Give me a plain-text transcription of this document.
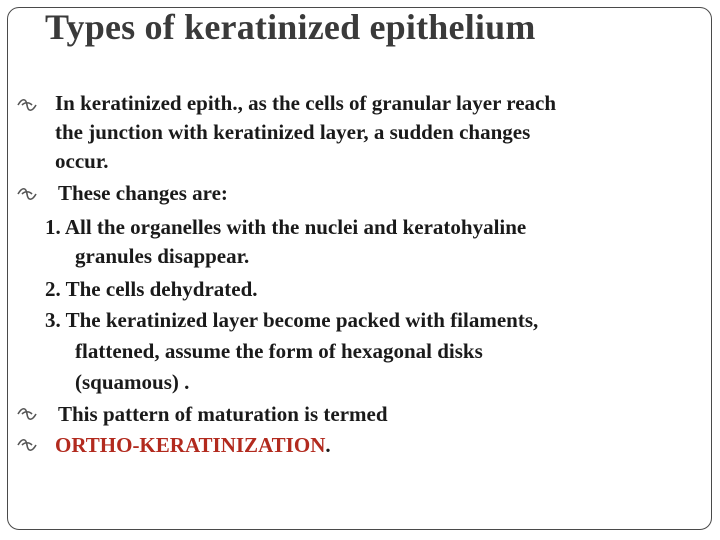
Types of keratinized epithelium

In keratinized epith., as the cells of granular layer reach

the junction with keratinized layer, a sudden changes

occur.

These changes are:

1. All the organelles with the nuclei and keratohyaline

granules disappear.

2. The cells dehydrated.

3. The keratinized layer become packed with filaments,

flattened, assume the form of hexagonal disks

(squamous) .

This pattern of maturation is termed

ORTHO-KERATINIZATION.
